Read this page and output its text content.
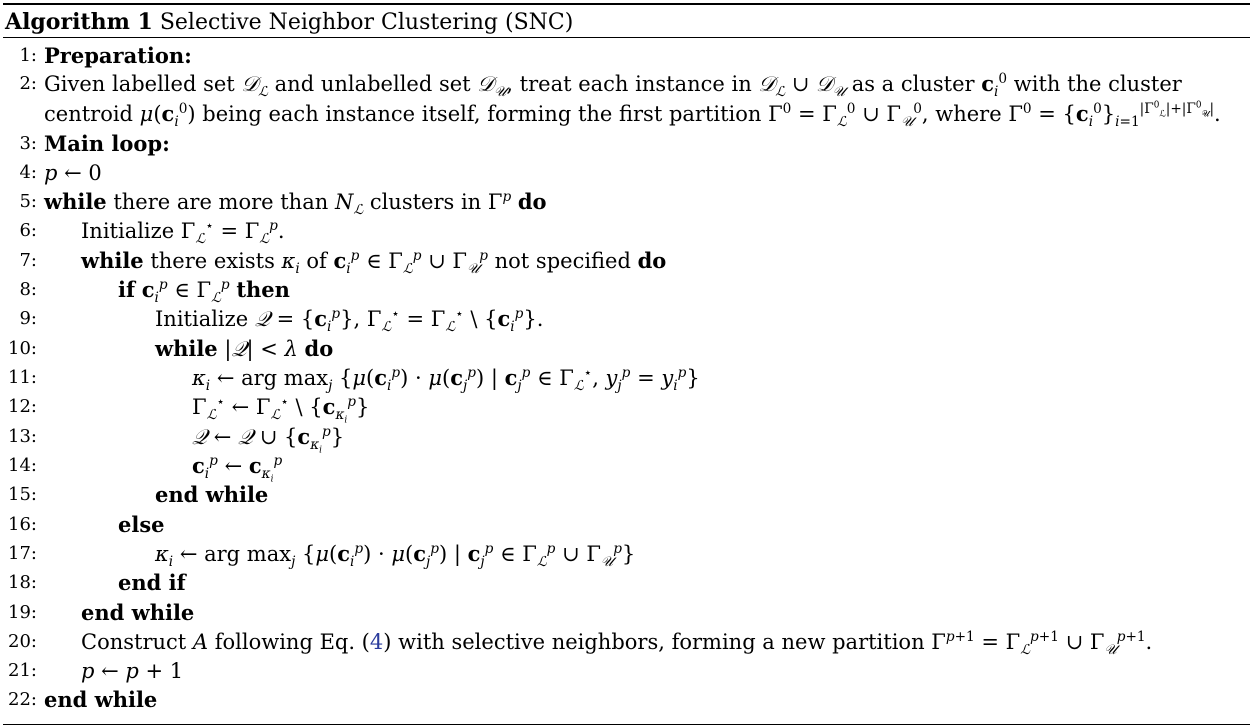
Algorithm 1 Selective Neighbor Clustering (SNC)
1: Preparation:
2: Given labelled set 𝒟$_ℒ$ and unlabelled set 𝒟$_𝒰$, treat each instance in 𝒟$_ℒ$ ∪ 𝒟$_𝒰$ as a cluster $c_i^0$ with the cluster
centroid $\mu(c_i^0)$ being each instance itself, forming the first partition $\Gamma^0 = \Gamma_ℒ^0$ ∪ $\Gamma_𝒰^0$, where $\Gamma^0 = \{c_i^0\}_{i=1}^{|\Gamma^0_ℒ|+|\Gamma^0_𝒰|}$.
3: Main loop:
4: p ← 0
5: while there are more than $N_ℒ$ clusters in $\Gamma^p$ do
6: Initialize $\Gamma_ℒ^⋆ = \Gamma_ℒ^p$.
7: while there exists $\kappa_i$ of $c_i^p$ ∈ $\Gamma_ℒ^p$ ∪ $\Gamma_𝒰^p$ not specified do
8:	if $c_i^p$ ∈ $\Gamma_ℒ^p$ then
9:	Initialize 𝒬 = $\{c_i^p\}$, $\Gamma_ℒ^⋆ = \Gamma_ℒ^⋆$ \ $\{c_i^p\}$.
10:	while |𝒬| < λ do
11:	$\kappa_i$ ← arg $\max_j \{\mu(c_i^p) \cdot \mu(c_j^p)$ | $c_j^p$ ∈ $\Gamma_ℒ^⋆$, $y_j^p = y_i^p$}
12:	$\Gamma_ℒ^⋆$ ← $\Gamma_ℒ^⋆$ \ $\{c_{\kappa_i}^p\}$
13:	𝒬 ← 𝒬 ∪ $\{c_{\kappa_i}^p\}$
14:	$c_i^p$ ← $c_{\kappa_i}^p$
15:	end while
16:	else
17:	$\kappa_i$ ← arg $\max_j \{\mu(c_i^p) \cdot \mu(c_j^p)$ | $c_j^p$ ∈ $\Gamma_ℒ^p$ ∪ $\Gamma_𝒰^p$}
18:	end if
19: end while
20: Construct A following Eq. (4) with selective neighbors, forming a new partition $\Gamma^{p+1} = \Gamma_ℒ^{p+1}$ ∪ $\Gamma_𝒰^{p+1}$.
21: p ← p + 1
22: end while
